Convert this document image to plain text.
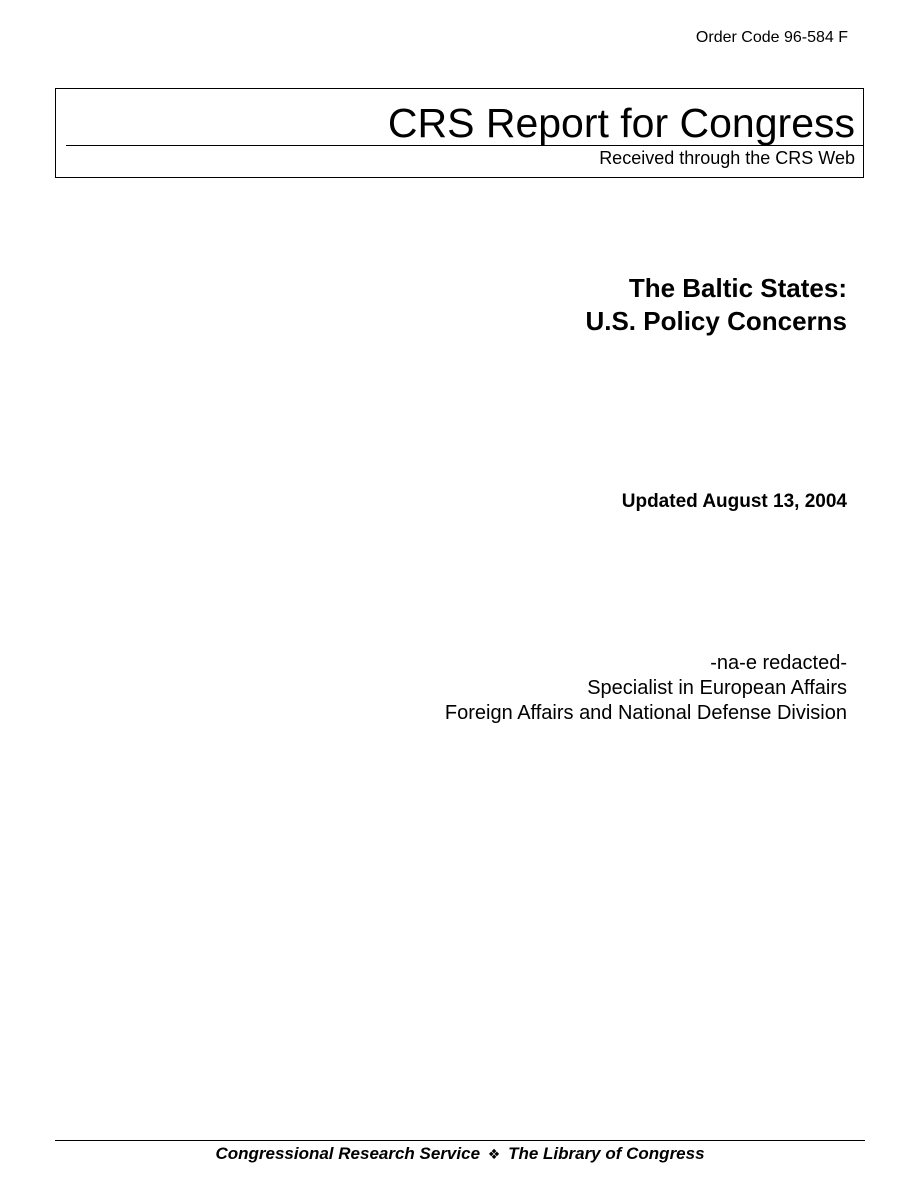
Order Code 96-584 F
CRS Report for Congress
Received through the CRS Web
The Baltic States:
U.S. Policy Concerns
Updated August 13, 2004
-na-e redacted-
Specialist in European Affairs
Foreign Affairs and National Defense Division
Congressional Research Service ❖ The Library of Congress
